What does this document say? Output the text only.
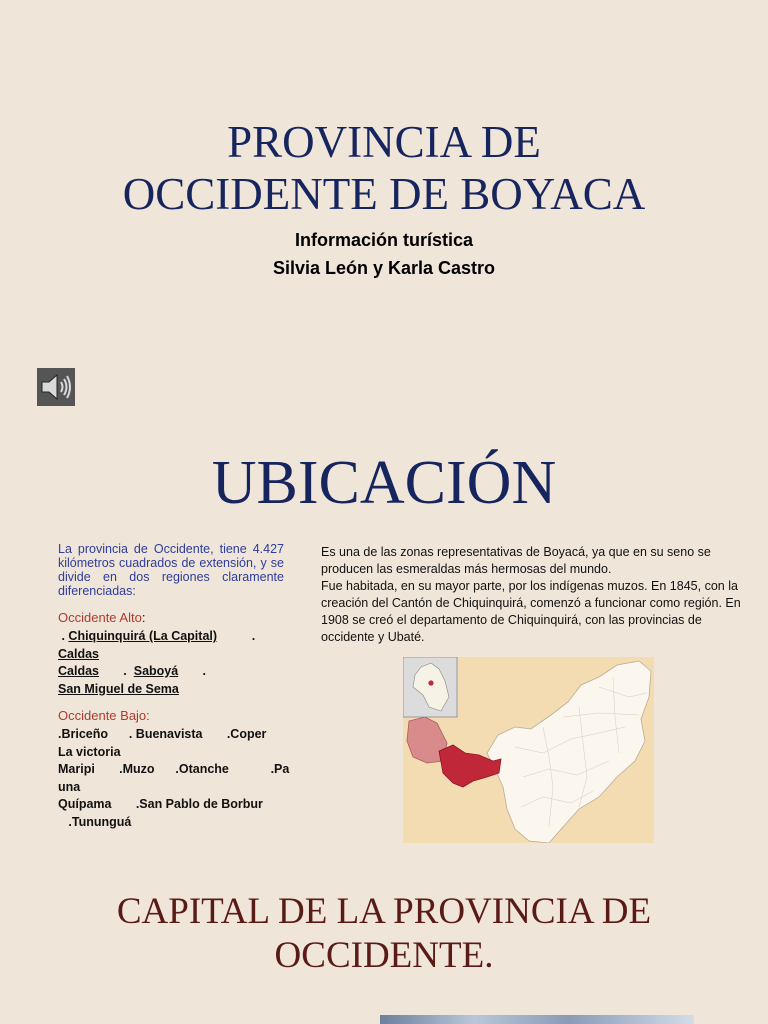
PROVINCIA DE
OCCIDENTE DE BOYACA
Información turística
Silvia León y Karla Castro
UBICACIÓN

La provincia de Occidente, tiene 4.427 kilómetros cuadrados de extensión, y se divide en dos regiones claramente diferenciadas:

Occidente Alto:
. Chiquinquirá (La Capital)          .
Caldas
Caldas       .  Saboyá       .
San Miguel de Sema
Occidente Bajo:
.Briceño . Buenavista .Coper
La victoria
Maripi .Muzo .Otanche	.Pa
una
Quípama .San Pablo de Borbur
.Tununguá
Es una de las zonas representativas de Boyacá, ya que en su seno se producen las esmeraldas más hermosas del mundo.
Fue habitada, en su mayor parte, por los indígenas muzos. En 1845, con la creación del Cantón de Chiquinquirá, comenzó a funcionar como región. En 1908 se creó el departamento de Chiquinquirá, con las provincias de occidente y Ubaté.
CAPITAL DE LA PROVINCIA DE
OCCIDENTE.
